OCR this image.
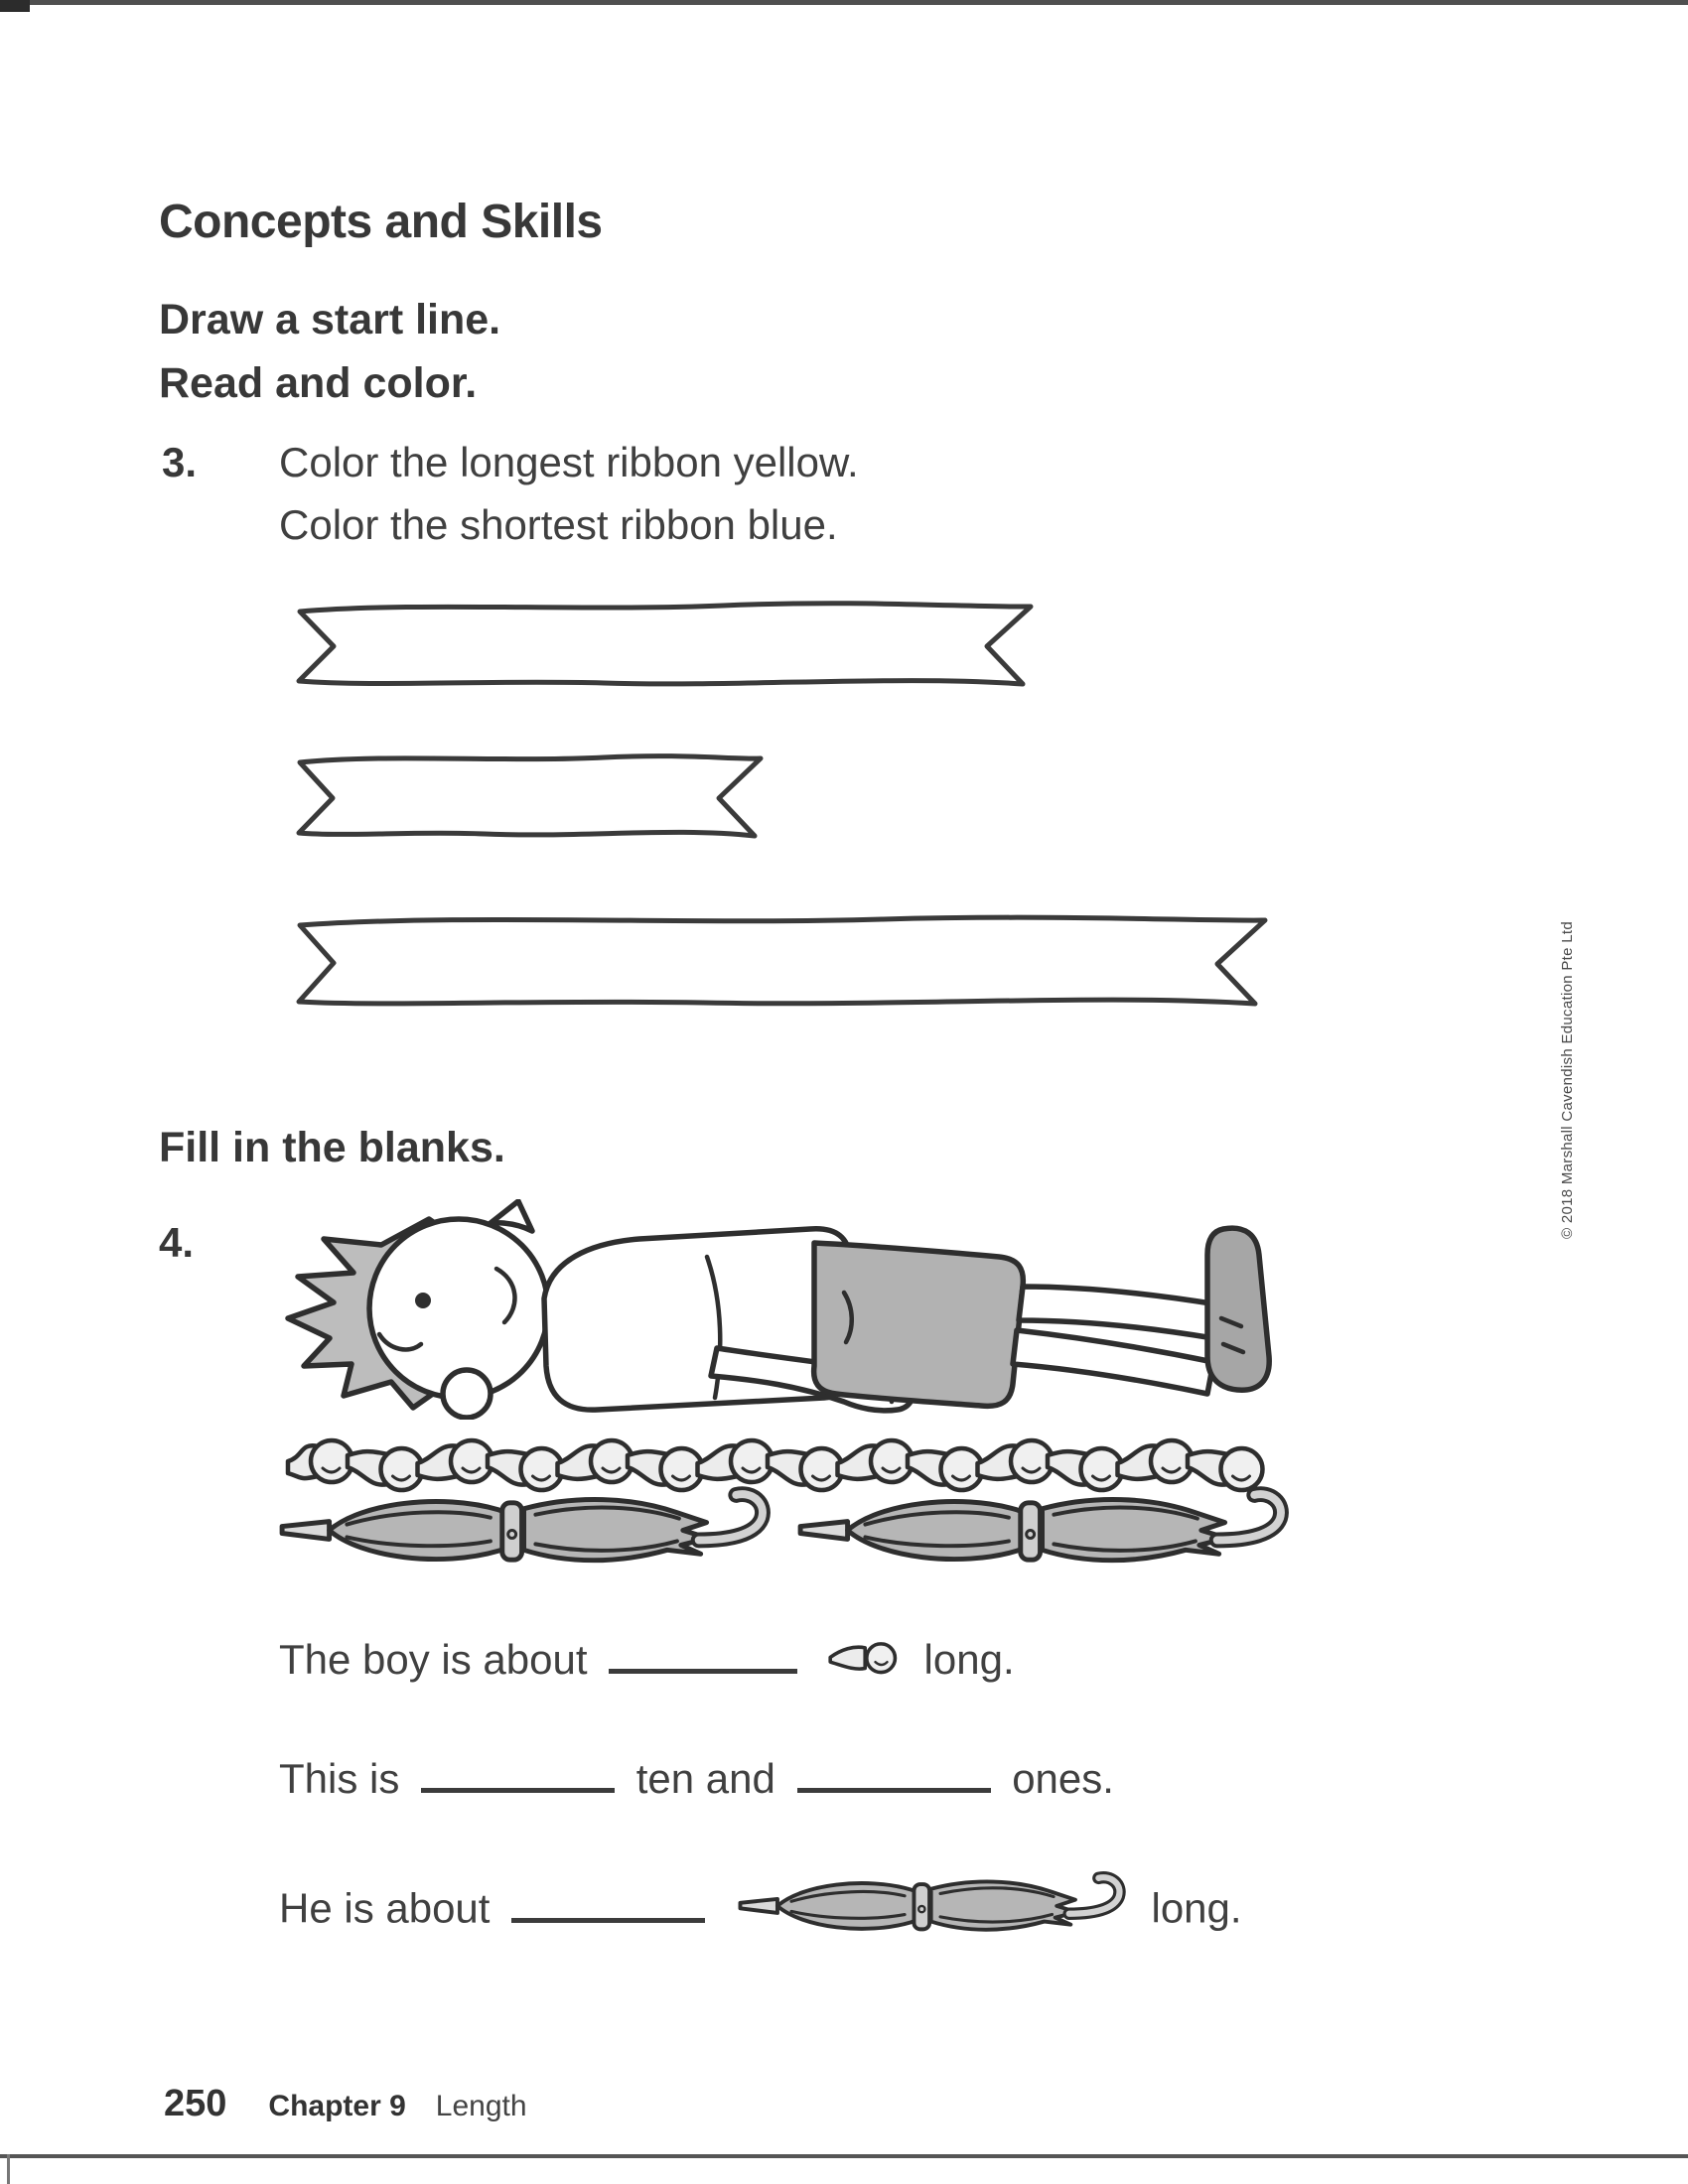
Concepts and Skills
Draw a start line.
Read and color.
3. Color the longest ribbon yellow.
Color the shortest ribbon blue.
Fill in the blanks.
4.
The boy is about	long.
This is	ten and	ones.
He is about	long.
250 Chapter 9 Length
© 2018 Marshall Cavendish Education Pte Ltd
